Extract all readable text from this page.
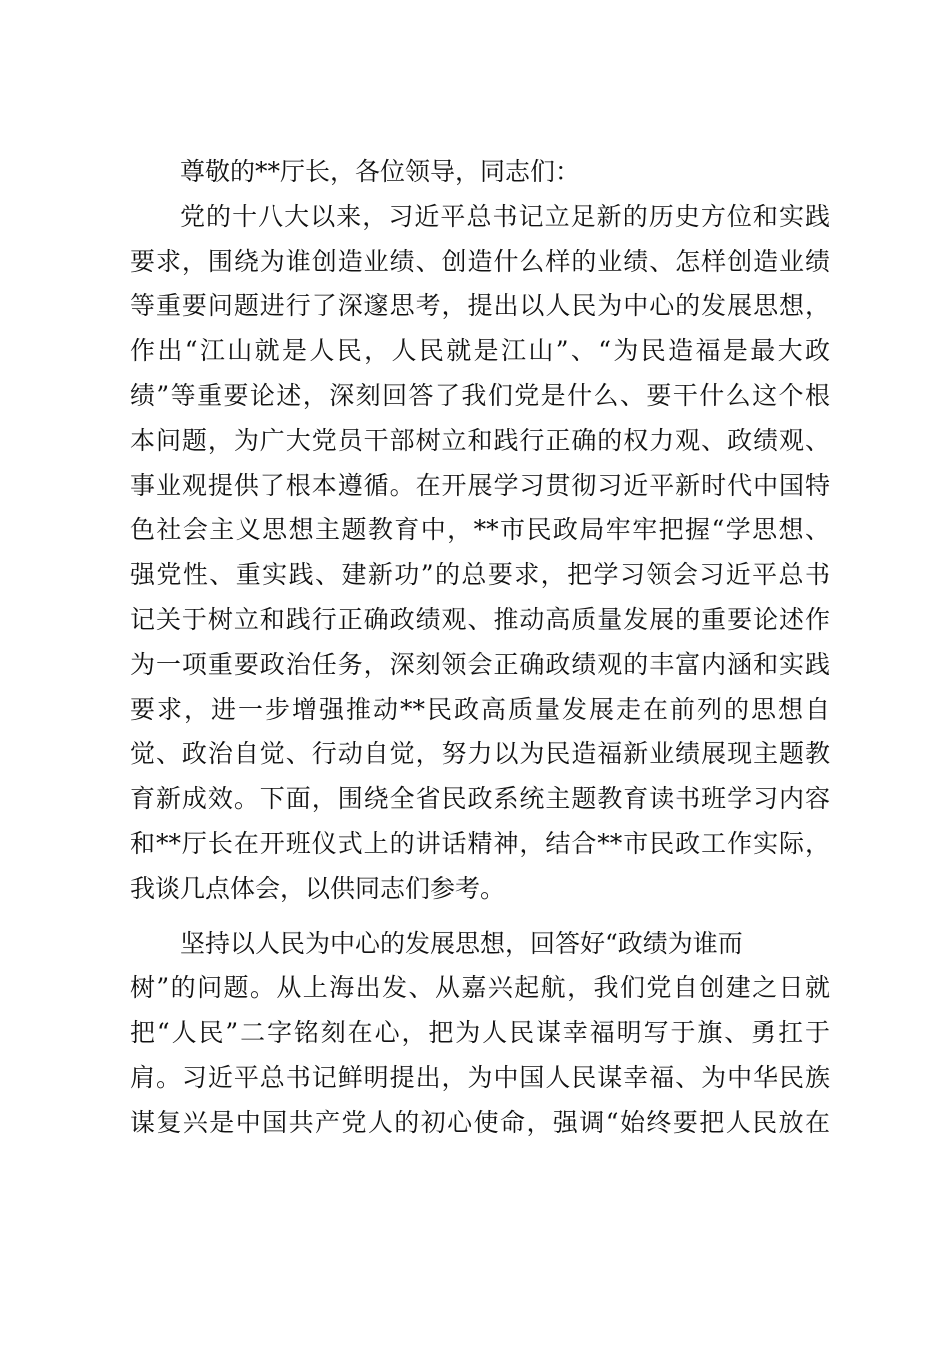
尊敬的**厅长，各位领导，同志们：
党的十八大以来，习近平总书记立足新的历史方位和实践
要求，围绕为谁创造业绩、创造什么样的业绩、怎样创造业绩
等重要问题进行了深邃思考，提出以人民为中心的发展思想，
作出“江山就是人民，人民就是江山”、“为民造福是最大政
绩”等重要论述，深刻回答了我们党是什么、要干什么这个根
本问题，为广大党员干部树立和践行正确的权力观、政绩观、
事业观提供了根本遵循。在开展学习贯彻习近平新时代中国特
色社会主义思想主题教育中，**市民政局牢牢把握“学思想、
强党性、重实践、建新功”的总要求，把学习领会习近平总书
记关于树立和践行正确政绩观、推动高质量发展的重要论述作
为一项重要政治任务，深刻领会正确政绩观的丰富内涵和实践
要求，进一步增强推动**民政高质量发展走在前列的思想自
觉、政治自觉、行动自觉，努力以为民造福新业绩展现主题教
育新成效。下面，围绕全省民政系统主题教育读书班学习内容
和**厅长在开班仪式上的讲话精神，结合**市民政工作实际，
我谈几点体会，以供同志们参考。
坚持以人民为中心的发展思想，回答好“政绩为谁而
树”的问题。从上海出发、从嘉兴起航，我们党自创建之日就
把“人民”二字铭刻在心，把为人民谋幸福明写于旗、勇扛于
肩。习近平总书记鲜明提出，为中国人民谋幸福、为中华民族
谋复兴是中国共产党人的初心使命，强调“始终要把人民放在
